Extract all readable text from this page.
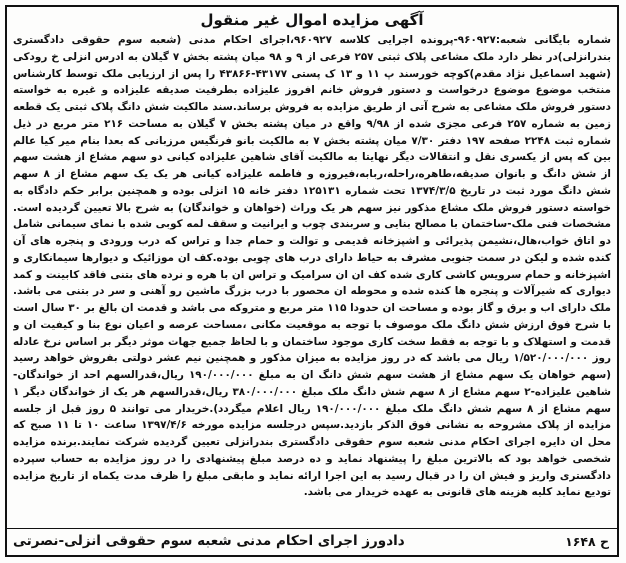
آگهی مزایده اموال غیر منقول

شماره بایگانی شعبه:۹۶۰۹۲۷-پرونده اجرایی کلاسه ۹۶۰۹۲۷،اجرای احکام مدنی (شعبه سوم حقوقی دادگستری بندرانزلی)در نظر دارد ملک مشاعی پلاک ثبتی ۲۵۷ فرعی از ۹ و ۹۸ میان پشته بخش ۷ گیلان به ادرس انزلی خ رودکی (شهید اسماعیل نژاد مقدم)کوچه خورسند پ ۱۱ و ۱۳ ک پستی ۴۳۱۷۷-۴۳۸۶۶ را پس از ارزیابی ملک توسط کارشناس منتخب موضوع موضوع درخواست و دستور فروش خانم افروز علیزاده بطرفیت صدیقه علیزاده و غیره به خواسته دستور فروش ملک مشاعی به شرح آتی از طریق مزایده به فروش برساند.سند مالکیت شش دانگ پلاک ثبتی یک قطعه زمین به شماره ۲۵۷ فرعی مجزی شده از ۹/۹۸ واقع در میان پشته بخش ۷ گیلان به مساحت ۲۱۶ متر مربع در ذیل شماره ثبت ۲۲۴۸ صفحه ۱۹۷ دفتر ۷/۳۰ میان پشته بخش ۷ به مالکیت بانو فرنگیس مرزبانی که بعدا بنام میر کیا عالم بین که پس از یکسری نقل و انتقالات دیگر نهایتا به مالکیت آقای شاهین علیزاده کیانی دو سهم مشاع از هشت سهم از شش دانگ و بانوان صدیقه،طاهره،راحله،ربابه،فیروزه و فاطمه علیزاده کیانی هر یک یک سهم مشاع از ۸ سهم شش دانگ مورد ثبت در تاریخ ۱۳۷۴/۳/۵ تحت شماره ۱۲۵۱۳۱ دفتر خانه ۱۵ انزلی بوده و همچنین برابر حکم دادگاه به خواسته دستور فروش ملک مشاع مذکور نیز سهم هر یک وراث (خواهان و خواندگان) به شرح بالا تعیین گردیده است. مشخصات فنی ملک-ساختمان با مصالح بنایی و سربندی چوب و ایرانیت و سقف لمه کوبی شده با نمای سیمانی شامل دو اتاق خواب،هال،نشیمن پذیرائی و اشپزخانه قدیمی و توالت و حمام جدا و تراس که درب ورودی و پنجره های آن کنده شده و لیکن در سمت جنوبی مشرف به حیاط دارای درب های چوبی بوده.کف ان موزائیک و دیوارها سیمانکاری و اشپزخانه و حمام سرویس کاشی کاری شده کف ان ان سرامیک و تراس ان با هره و نرده های بتنی فاقد کابینت و کمد دیواری که شیرآلات و پنجره ها کنده شده و محوطه ان محصور با درب بزرگ ماشین رو آهنی و سر در بتنی می باشد. ملک دارای اب و برق و گاز بوده و مساحت ان حدودا ۱۱۵ متر مربع و متروکه می باشد و قدمت ان بالغ بر ۳۰ سال است با شرح فوق ارزش شش دانگ ملک موصوف با توجه به موقعیت مکانی ،مساحت عرصه و اعیان نوع بنا و کیفیت ان و قدمت و استهلاک و با توجه به فقط سخت کاری موجود ساختمان و با لحاظ جمیع جهات موثر دیگر بر اساس نرخ عادله روز ۱/۵۲۰/۰۰۰/۰۰۰ ریال می باشد که در روز مزایده به میزان مذکور و همچنین نیم عشر دولتی بفروش خواهد رسید (سهم خواهان یک سهم مشاع از هشت سهم شش دانگ ان به مبلغ ۱۹۰/۰۰۰/۰۰۰ ریال،قدرالسهم احد از خواندگان-شاهین علیزاده-۲ سهم مشاع از ۸ سهم شش دانگ ملک مبلغ ۳۸۰/۰۰۰/۰۰۰ ریال،قدرالسهم هر یک از خواندگان دیگر ۱ سهم مشاع از ۸ سهم شش دانگ ملک مبلغ ۱۹۰/۰۰۰/۰۰۰ ریال اعلام میگردد).خریدار می توانند ۵ روز قبل از جلسه مزایده از پلاک مشروحه به نشانی فوق الذکر بازدید.سپس درجلسه مزایده مورخه ۱۳۹۷/۴/۶ ساعت ۱۰ تا ۱۱ صبح که محل ان دایره اجرای احکام مدنی شعبه سوم حقوقی دادگستری بندرانزلی تعیین گردیده شرکت نمایند.برنده مزایده شخصی خواهد بود که بالاترین مبلغ را پیشنهاد نماید و ده درصد مبلغ پیشنهادی را در روز مزایده به حساب سپرده دادگستری واریز و فیش ان را در قبال رسید به این اجرا ارائه نماید و مابقی مبلغ را ظرف مدت یکماه از تاریخ مزایده تودیع نماید کلیه هزینه های قانونی به عهده خریدار می باشد.

ح ۱۶۴۸
دادورز اجرای احکام مدنی شعبه سوم حقوقی انزلی-نصرتی
